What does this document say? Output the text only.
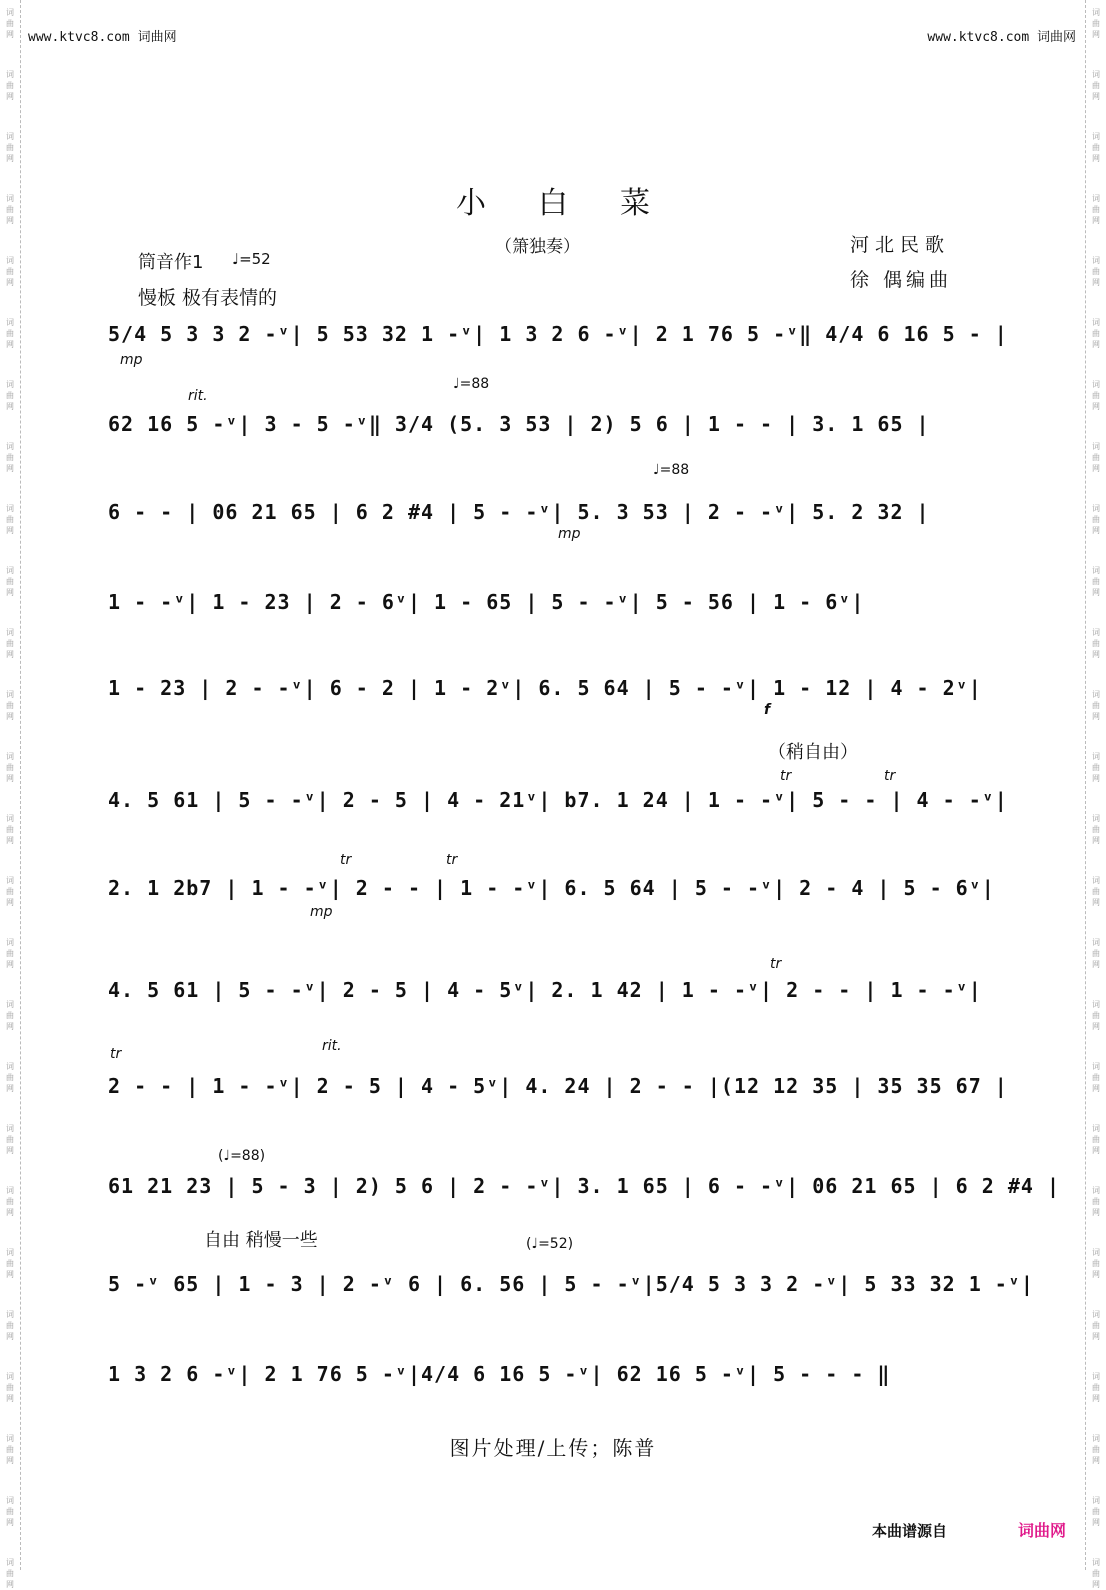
词
曲
网
词
曲
网
词
曲
网
词
曲
网
词
曲
网
词
曲
网
词
曲
网
词
曲
网
词
曲
网
词
曲
网
词
曲
网
词
曲
网
词
曲
网
词
曲
网
词
曲
网
词
曲
网
词
曲
网
词
曲
网
词
曲
网
词
曲
网
词
曲
网
词
曲
网
词
曲
网
词
曲
网
词
曲
网
词
曲
网
词
曲
网
词
曲
网
词
曲
网
词
曲
网
词
曲
网
词
曲
网
词
曲
网
词
曲
网
词
曲
网
词
曲
网
词
曲
网
词
曲
网
词
曲
网
词
曲
网
词
曲
网
词
曲
网
词
曲
网
词
曲
网
词
曲
网
词
曲
网
词
曲
网
词
曲
网
词
曲
网
词
曲
网
词
曲
网
词
曲
网
www.ktvc8.com 词曲网	www.ktvc8.com 词曲网
小白菜
（箫独奏）	河北民歌
徐 偶编曲
筒音作1 ♩=52
慢板 极有表情的
5/4 5 3 3 2 -ᵛ| 5 53 32 1 -ᵛ| 1 3 2 6 -ᵛ| 2 1 76 5 -ᵛ‖ 4/4 6 16 5 - |
mp
rit.
♩=88
62 16 5 -ᵛ| 3 - 5 -ᵛ‖ 3/4 (5. 3 53 | 2) 5 6 | 1 - - | 3. 1 65 |
♩=88
6 - - | 06 21 65 | 6 2 #4 | 5 - -ᵛ| 5. 3 53 | 2 - -ᵛ| 5. 2 32 |
mp
1 - -ᵛ| 1 - 23 | 2 - 6ᵛ| 1 - 65 | 5 - -ᵛ| 5 - 56 | 1 - 6ᵛ|
1 - 23 | 2 - -ᵛ| 6 - 2 | 1 - 2ᵛ| 6. 5 64 | 5 - -ᵛ| 1 - 12 | 4 - 2ᵛ|
f
（稍自由）
tr	tr
4. 5 61 | 5 - -ᵛ| 2 - 5 | 4 - 21ᵛ| b7. 1 24 | 1 - -ᵛ| 5 - - | 4 - -ᵛ|
tr	tr
2. 1 2b7 | 1 - -ᵛ| 2 - - | 1 - -ᵛ| 6. 5 64 | 5 - -ᵛ| 2 - 4 | 5 - 6ᵛ|
mp
tr
4. 5 61 | 5 - -ᵛ| 2 - 5 | 4 - 5ᵛ| 2. 1 42 | 1 - -ᵛ| 2 - - | 1 - -ᵛ|
tr	rit.
2 - - | 1 - -ᵛ| 2 - 5 | 4 - 5ᵛ| 4. 24 | 2 - - |(12 12 35 | 35 35 67 |
(♩=88)
61 21 23 | 5 - 3 | 2) 5 6 | 2 - -ᵛ| 3. 1 65 | 6 - -ᵛ| 06 21 65 | 6 2 #4 |
自由 稍慢一些	(♩=52)
5 -ᵛ 65 | 1 - 3 | 2 -ᵛ 6 | 6. 56 | 5 - -ᵛ|5/4 5 3 3 2 -ᵛ| 5 33 32 1 -ᵛ|
1 3 2 6 -ᵛ| 2 1 76 5 -ᵛ|4/4 6 16 5 -ᵛ| 62 16 5 -ᵛ| 5 - - - ‖
图片处理/上传；陈普
本曲谱源自	词曲网
